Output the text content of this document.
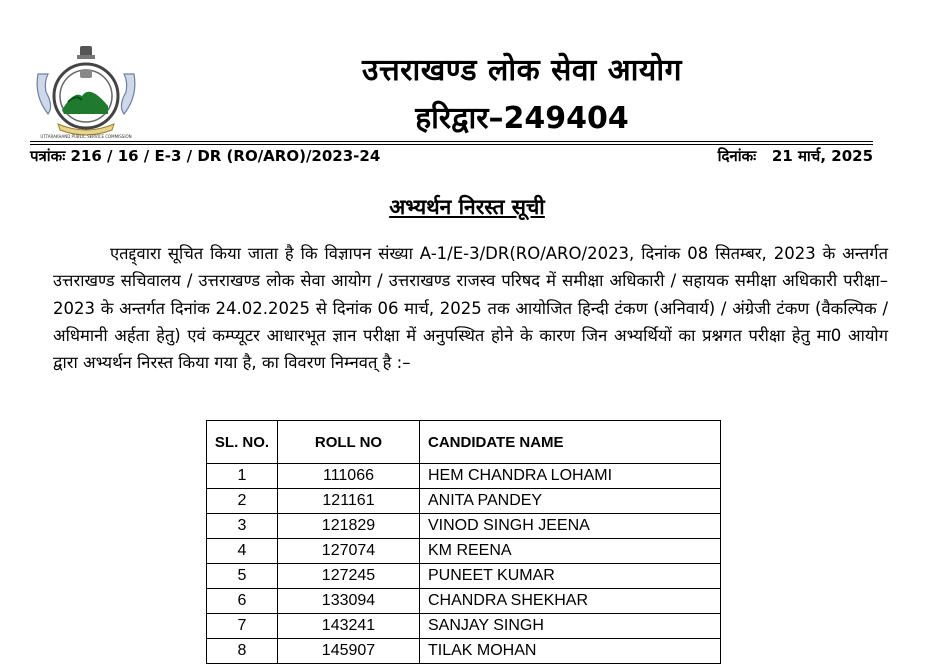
UTTARAKHAND PUBLIC SERVICE COMMISSION
उत्तराखण्ड लोक सेवा आयोग
हरिद्वार–249404
पत्रांकः 216 / 16 / E-3 / DR (RO/ARO)/2023-24	दिनांकः   21 मार्च, 2025
अभ्यर्थन निरस्त सूची

एतद्द्वारा सूचित किया जाता है कि विज्ञापन संख्या A-1/E-3/DR(RO/ARO/2023, दिनांक 08 सितम्बर, 2023 के अन्तर्गत उत्तराखण्ड सचिवालय / उत्तराखण्ड लोक सेवा आयोग / उत्तराखण्ड राजस्व परिषद में समीक्षा अधिकारी / सहायक समीक्षा अधिकारी परीक्षा–2023 के अन्तर्गत दिनांक 24.02.2025 से दिनांक 06 मार्च, 2025 तक आयोजित हिन्दी टंकण (अनिवार्य) / अंग्रेजी टंकण (वैकल्पिक / अधिमानी अर्हता हेतु) एवं कम्प्यूटर आधारभूत ज्ञान परीक्षा में अनुपस्थित होने के कारण जिन अभ्यर्थियों का प्रश्नगत परीक्षा हेतु मा0 आयोग द्वारा अभ्यर्थन निरस्त किया गया है, का विवरण निम्नवत् है :–

SL. NO.	ROLL NO	CANDIDATE NAME
1	111066	HEM CHANDRA LOHAMI
2	121161	ANITA PANDEY
3	121829	VINOD SINGH JEENA
4	127074	KM REENA
5	127245	PUNEET KUMAR
6	133094	CHANDRA SHEKHAR
7	143241	SANJAY SINGH
8	145907	TILAK MOHAN
